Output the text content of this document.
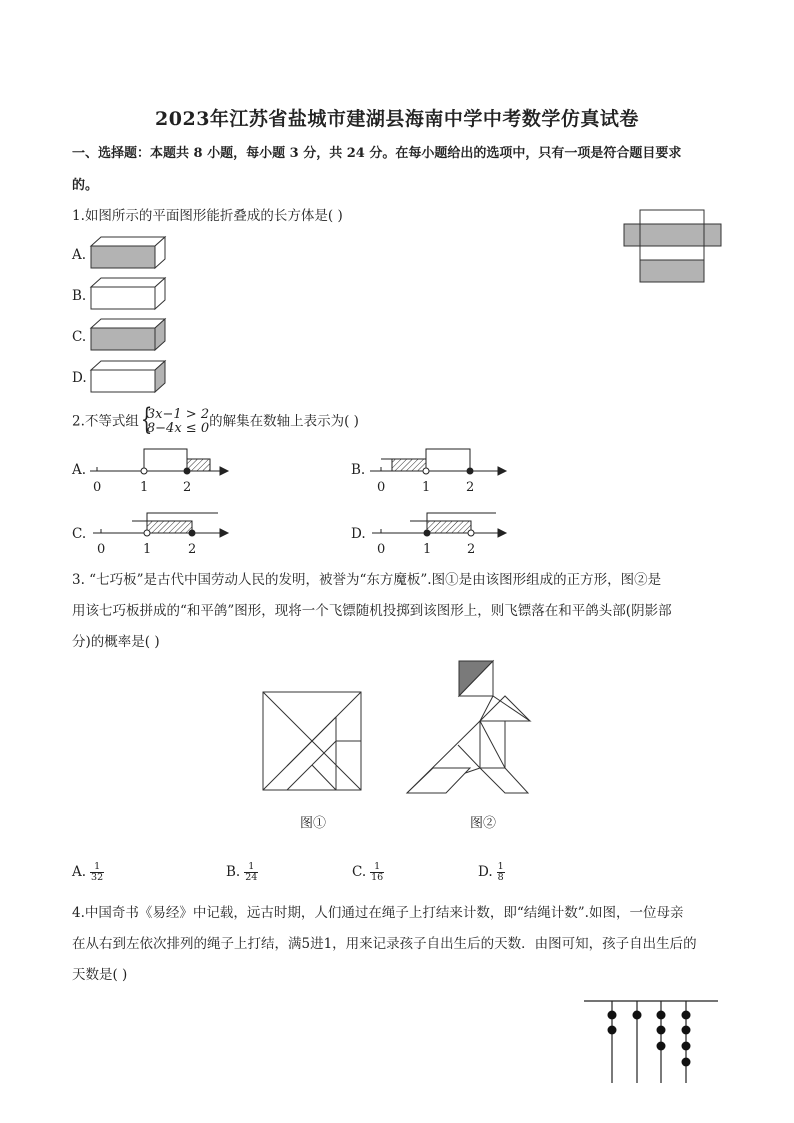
2023年江苏省盐城市建湖县海南中学中考数学仿真试卷
一、选择题：本题共 8 小题，每小题 3 分，共 24 分。在每小题给出的选项中，只有一项是符合题目要求
的。
1.如图所示的平面图形能折叠成的长方体是( )
A.
B.
C.
D.
2.不等式组
{ 3x−1 > 2
8−4x ≤ 0 的解集在数轴上表示为( )
A.	B.
C.	D.
0	1	2	0	1	2
0	1	2	0	1	2
3. “七巧板”是古代中国劳动人民的发明，被誉为“东方魔板”.图①是由该图形组成的正方形，图②是
用该七巧板拼成的“和平鸽”图形，现将一个飞镖随机投掷到该图形上，则飞镖落在和平鸽头部(阴影部
分)的概率是( )
图①	图②
A. $\frac{1}{32}$	B. $\frac{1}{24}$	C. $\frac{1}{16}$	D. $\frac{1}{8}$
4.中国奇书《易经》中记载，远古时期，人们通过在绳子上打结来计数，即“结绳计数”.如图，一位母亲
在从右到左依次排列的绳子上打结，满5进1，用来记录孩子自出生后的天数．由图可知，孩子自出生后的
天数是( )
